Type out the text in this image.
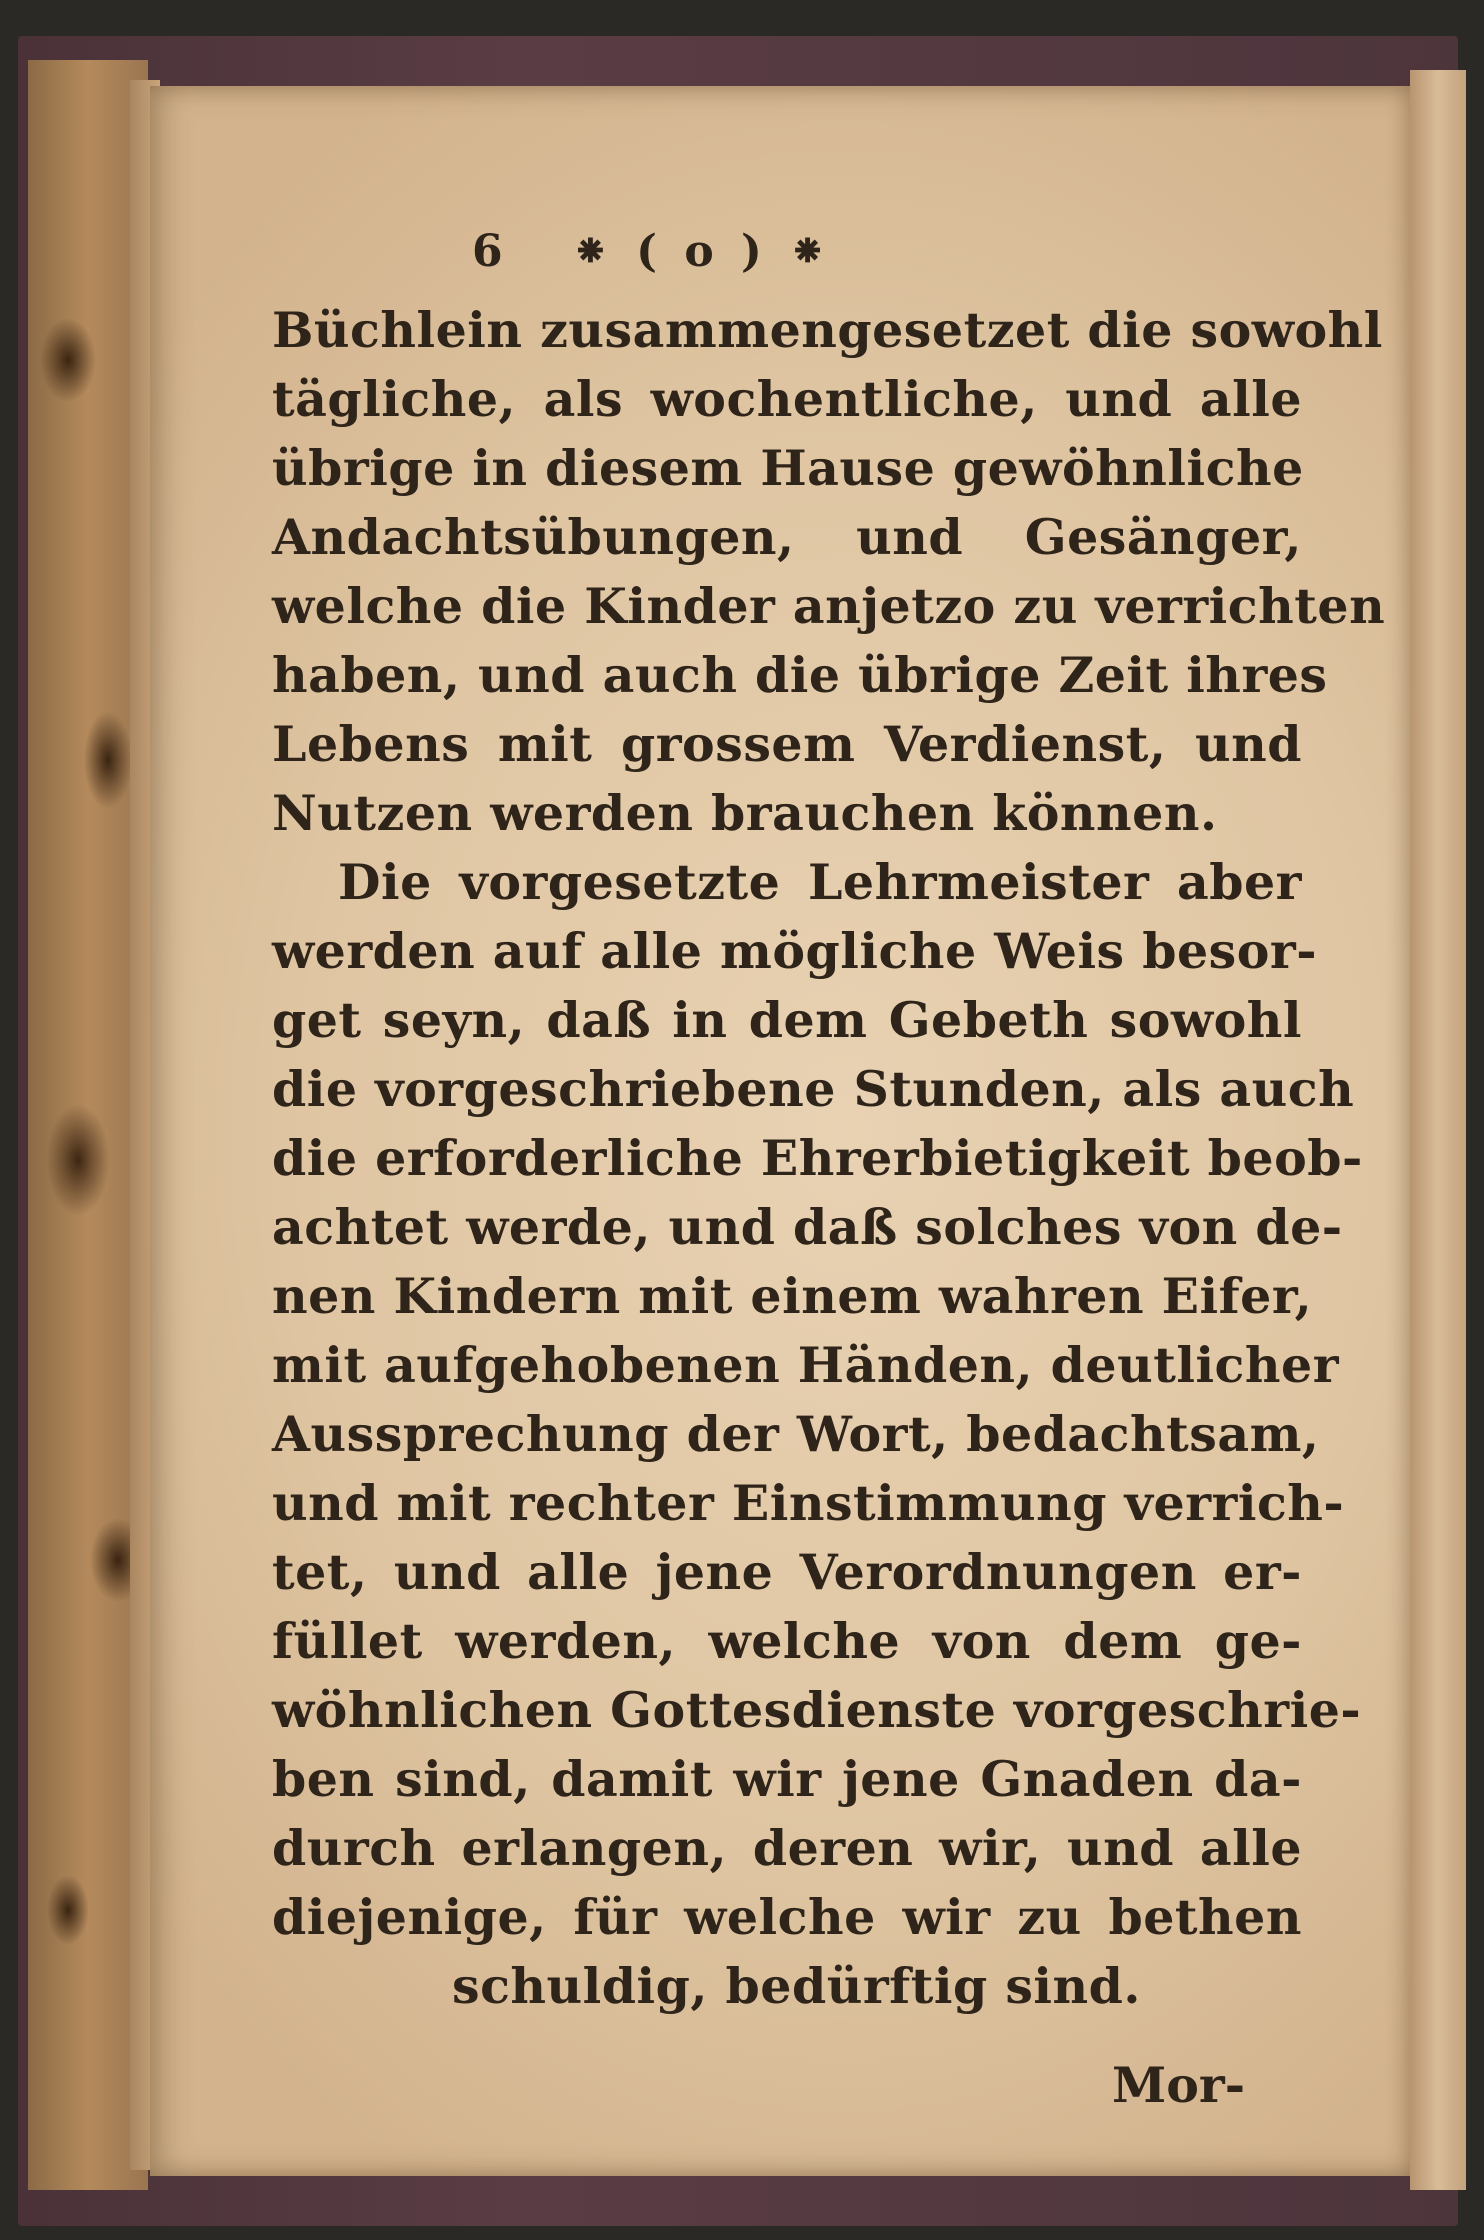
6	⁕ ( o ) ⁕
Büchlein zusammengesetzet die sowohl
tägliche, als wochentliche, und alle
übrige in diesem Hause gewöhnliche
Andachtsübungen, und Gesänger,
welche die Kinder anjetzo zu verrichten
haben, und auch die übrige Zeit ihres
Lebens mit grossem Verdienst, und
Nutzen werden brauchen können.
Die vorgesetzte Lehrmeister aber
werden auf alle mögliche Weis besor-
get seyn, daß in dem Gebeth sowohl
die vorgeschriebene Stunden, als auch
die erforderliche Ehrerbietigkeit beob-
achtet werde, und daß solches von de-
nen Kindern mit einem wahren Eifer,
mit aufgehobenen Händen, deutlicher
Aussprechung der Wort, bedachtsam,
und mit rechter Einstimmung verrich-
tet, und alle jene Verordnungen er-
füllet werden, welche von dem ge-
wöhnlichen Gottesdienste vorgeschrie-
ben sind, damit wir jene Gnaden da-
durch erlangen, deren wir, und alle
diejenige, für welche wir zu bethen
schuldig, bedürftig sind.
Mor-
